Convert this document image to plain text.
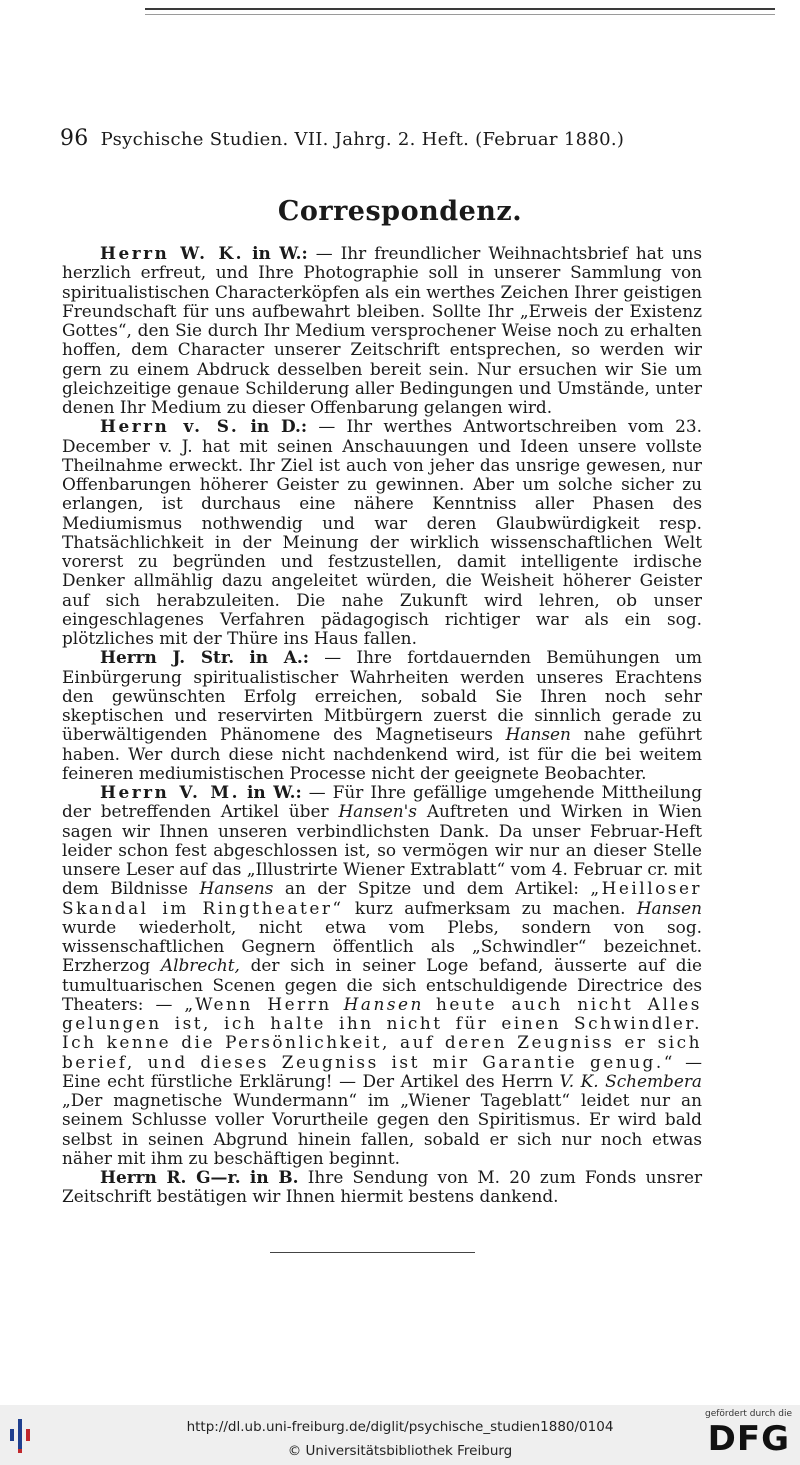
96 Psychische Studien. VII. Jahrg. 2. Heft. (Februar 1880.)
Correspondenz.

Herrn W. K. in W.: — Ihr freundlicher Weihnachtsbrief hat uns herzlich erfreut, und Ihre Photographie soll in unserer Sammlung von spiritualistischen Characterköpfen als ein werthes Zeichen Ihrer geistigen Freundschaft für uns aufbewahrt bleiben. Sollte Ihr „Erweis der Existenz Gottes“, den Sie durch Ihr Medium versprochener Weise noch zu erhalten hoffen, dem Character unserer Zeitschrift entsprechen, so werden wir gern zu einem Abdruck desselben bereit sein. Nur ersuchen wir Sie um gleichzeitige genaue Schilderung aller Bedingungen und Umstände, unter denen Ihr Medium zu dieser Offenbarung gelangen wird.

Herrn v. S. in D.: — Ihr werthes Antwortschreiben vom 23. December v. J. hat mit seinen Anschauungen und Ideen unsere vollste Theilnahme erweckt. Ihr Ziel ist auch von jeher das unsrige gewesen, nur Offenbarungen höherer Geister zu gewinnen. Aber um solche sicher zu erlangen, ist durchaus eine nähere Kenntniss aller Phasen des Mediumismus nothwendig und war deren Glaubwürdigkeit resp. Thatsächlichkeit in der Meinung der wirklich wissenschaftlichen Welt vorerst zu begründen und festzustellen, damit intelligente irdische Denker allmählig dazu angeleitet würden, die Weisheit höherer Geister auf sich herabzuleiten. Die nahe Zukunft wird lehren, ob unser eingeschlagenes Verfahren pädagogisch richtiger war als ein sog. plötzliches mit der Thüre ins Haus fallen.

Herrn J. Str. in A.: — Ihre fortdauernden Bemühungen um Einbürgerung spiritualistischer Wahrheiten werden unseres Erachtens den gewünschten Erfolg erreichen, sobald Sie Ihren noch sehr skeptischen und reservirten Mitbürgern zuerst die sinnlich gerade zu überwältigenden Phänomene des Magnetiseurs Hansen nahe geführt haben. Wer durch diese nicht nachdenkend wird, ist für die bei weitem feineren mediumistischen Processe nicht der geeignete Beobachter.

Herrn V. M. in W.: — Für Ihre gefällige umgehende Mittheilung der betreffenden Artikel über Hansen's Auftreten und Wirken in Wien sagen wir Ihnen unseren verbindlichsten Dank. Da unser Februar-Heft leider schon fest abgeschlossen ist, so vermögen wir nur an dieser Stelle unsere Leser auf das „Illustrirte Wiener Extrablatt“ vom 4. Februar cr. mit dem Bildnisse Hansens an der Spitze und dem Artikel: „Heilloser Skandal im Ringtheater“ kurz aufmerksam zu machen. Hansen wurde wiederholt, nicht etwa vom Plebs, sondern von sog. wissenschaftlichen Gegnern öffentlich als „Schwindler“ bezeichnet. Erzherzog Albrecht, der sich in seiner Loge befand, äusserte auf die tumultuarischen Scenen gegen die sich entschuldigende Directrice des Theaters: — „Wenn Herrn Hansen heute auch nicht Alles gelungen ist, ich halte ihn nicht für einen Schwindler. Ich kenne die Persönlichkeit, auf deren Zeugniss er sich berief, und dieses Zeugniss ist mir Garantie genug.“ — Eine echt fürstliche Erklärung! — Der Artikel des Herrn V. K. Schembera „Der magnetische Wundermann“ im „Wiener Tageblatt“ leidet nur an seinem Schlusse voller Vorurtheile gegen den Spiritismus. Er wird bald selbst in seinen Abgrund hinein fallen, sobald er sich nur noch etwas näher mit ihm zu beschäftigen beginnt.

Herrn R. G—r. in B. Ihre Sendung von M. 20 zum Fonds unsrer Zeitschrift bestätigen wir Ihnen hiermit bestens dankend.

http://dl.ub.uni-freiburg.de/diglit/psychische_studien1880/0104
© Universitätsbibliothek Freiburg
gefördert durch die
DFG
